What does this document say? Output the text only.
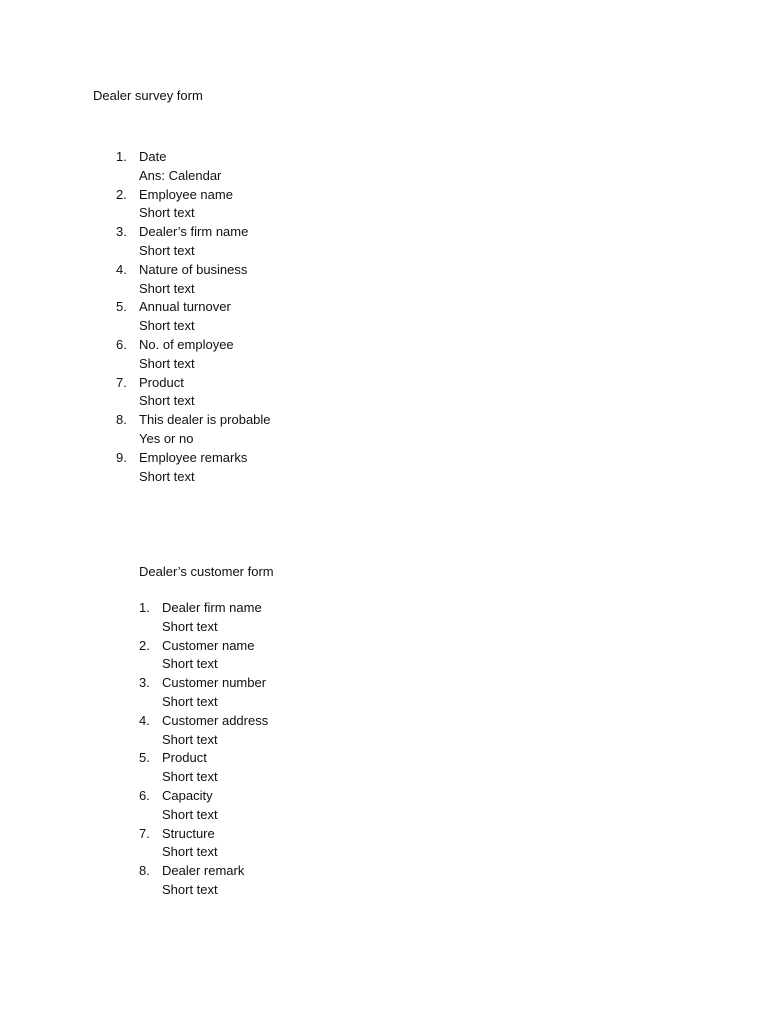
Dealer survey form
1. Date
Ans: Calendar
2. Employee name
Short text
3. Dealer’s firm name
Short text
4. Nature of business
Short text
5. Annual turnover
Short text
6. No. of employee
Short text
7. Product
Short text
8. This dealer is probable
Yes or no
9. Employee remarks
Short text
Dealer’s customer form
1. Dealer firm name
Short text
2. Customer name
Short text
3. Customer number
Short text
4. Customer address
Short text
5. Product
Short text
6. Capacity
Short text
7. Structure
Short text
8. Dealer remark
Short text
